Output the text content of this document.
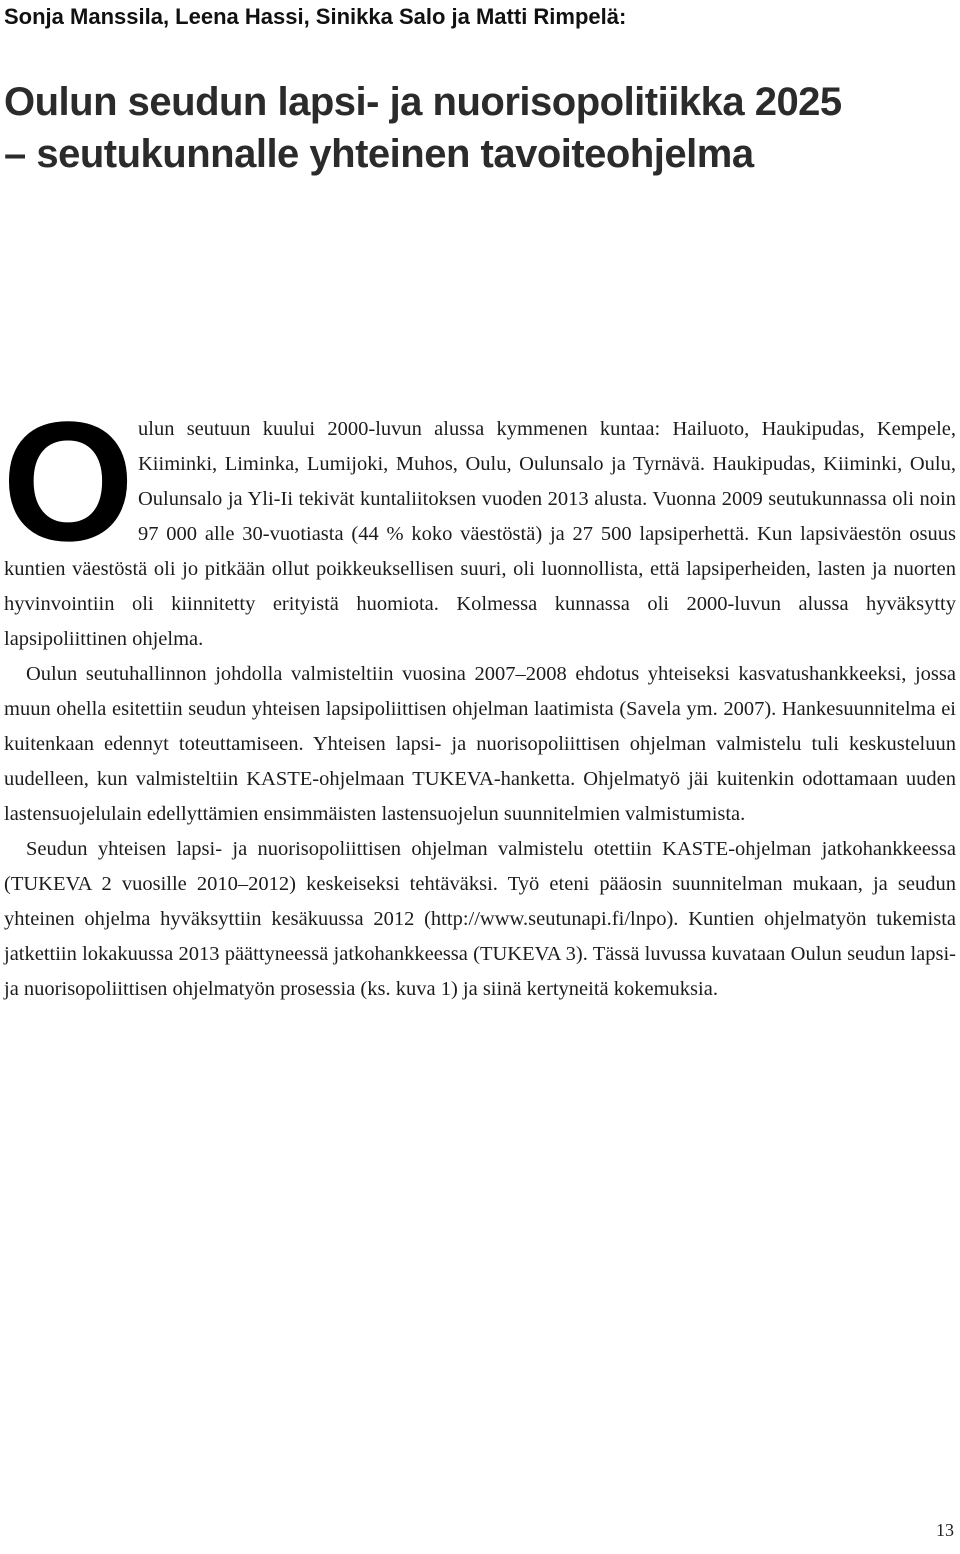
Sonja Manssila, Leena Hassi, Sinikka Salo ja Matti Rimpelä:
Oulun seudun lapsi- ja nuorisopolitiikka 2025
– seutukunnalle yhteinen tavoiteohjelma

O ulun seutuun kuului 2000-luvun alussa kymmenen kuntaa: Hailuoto, Haukipudas, Kempele, Kiiminki, Liminka, Lumijoki, Muhos, Oulu, Oulunsalo ja Tyrnävä. Haukipudas, Kiiminki, Oulu, Oulunsalo ja Yli-Ii tekivät kuntaliitoksen vuoden 2013 alusta. Vuonna 2009 seutukunnassa oli noin 97 000 alle 30-vuotiasta (44 % koko väestöstä) ja 27 500 lapsiperhettä. Kun lapsiväestön osuus kuntien väestöstä oli jo pitkään ollut poikkeuksellisen suuri, oli luonnollista, että lapsiperheiden, lasten ja nuorten hyvinvointiin oli kiinnitetty erityistä huomiota. Kolmessa kunnassa oli 2000-luvun alussa hyväksytty lapsipoliittinen ohjelma.

Oulun seutuhallinnon johdolla valmisteltiin vuosina 2007–2008 ehdotus yhteiseksi kasvatushankkeeksi, jossa muun ohella esitettiin seudun yhteisen lapsipoliittisen ohjelman laatimista (Savela ym. 2007). Hankesuunnitelma ei kuitenkaan edennyt toteuttamiseen. Yhteisen lapsi- ja nuorisopoliittisen ohjelman valmistelu tuli keskusteluun uudelleen, kun valmisteltiin KASTE-ohjelmaan TUKEVA-hanketta. Ohjelmatyö jäi kuitenkin odottamaan uuden lastensuojelulain edellyttämien ensimmäisten lastensuojelun suunnitelmien valmistumista.

Seudun yhteisen lapsi- ja nuorisopoliittisen ohjelman valmistelu otettiin KASTE-ohjelman jatkohankkeessa (TUKEVA 2 vuosille 2010–2012) keskeiseksi tehtäväksi. Työ eteni pääosin suunnitelman mukaan, ja seudun yhteinen ohjelma hyväksyttiin kesäkuussa 2012 (http://www.seutunapi.fi/lnpo). Kuntien ohjelmatyön tukemista jatkettiin lokakuussa 2013 päättyneessä jatkohankkeessa (TUKEVA 3). Tässä luvussa kuvataan Oulun seudun lapsi- ja nuorisopoliittisen ohjelmatyön prosessia (ks. kuva 1) ja siinä kertyneitä kokemuksia.

13
